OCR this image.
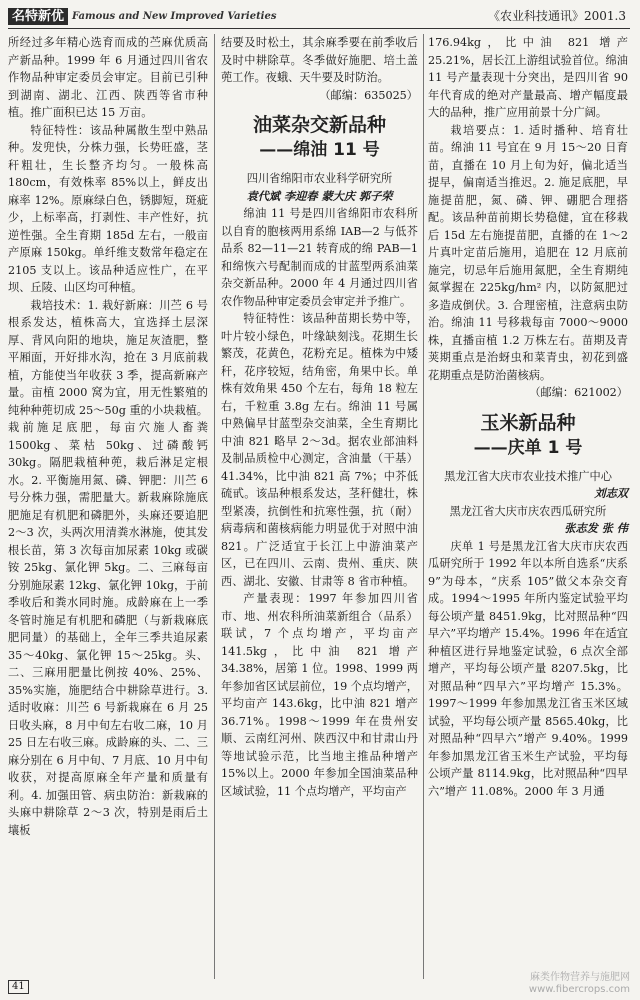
名特新优 Famous and New Improved Varieties	《农业科技通讯》2001.3

所经过多年精心选育而成的苎麻优质高产新品种。1999 年 6 月通过四川省农作物品种审定委员会审定。目前已引种到湖南、湖北、江西、陕西等省市种植。推广面积已达 15 万亩。

特征特性：该品种属散生型中熟品种。发兜快，分株力强，长势旺盛，茎秆粗壮，生长整齐均匀。一般株高 180cm，有效株率 85%以上，鲜皮出麻率 12%。原麻绿白色，锈脚短，斑疵少，上标率高，打剥性、丰产性好，抗逆性强。全生育期 185d 左右，一般亩产原麻 150kg。单纤维支数常年稳定在 2105 支以上。该品种适应性广，在平坝、丘陵、山区均可种植。

栽培技术：1. 栽好新麻：川苎 6 号根系发达，植株高大，宜选择土层深厚、背风向阳的地块，施足灰渣肥，整平厢面，开好排水沟，抢在 3 月底前栽植，方能使当年收获 3 季，提高新麻产量。亩植 2000 窝为宜，用无性繁殖的纯种种蔸切成 25～50g 重的小块栽植。栽前施足底肥，每亩穴施人畜粪 1500kg、菜枯 50kg、过磷酸钙 30kg。隔肥栽植种蔸，栽后淋足定根水。2. 平衡施用氮、磷、钾肥：川苎 6 号分株力强，需肥量大。新栽麻除施底肥施足有机肥和磷肥外，头麻还要追肥 2～3 次，头两次用清粪水淋施，使其发根长苗，第 3 次每亩加尿素 10kg 或碳铵 25kg、氯化钾 5kg。二、三麻每亩分别施尿素 12kg、氯化钾 10kg，于前季收后和粪水同时施。成龄麻在上一季冬管时施足有机肥和磷肥（与新栽麻底肥同量）的基础上，全年三季共追尿素 35～40kg、氯化钾 15～25kg。头、二、三麻用肥量比例按 40%、25%、35%实施，施肥结合中耕除草进行。3. 适时收麻：川苎 6 号新栽麻在 6 月 25 日收头麻，8 月中旬左右收二麻，10 月 25 日左右收三麻。成龄麻的头、二、三麻分别在 6 月中旬、7 月底、10 月中旬收获，对提高原麻全年产量和质量有利。4. 加强田管、病虫防治：新栽麻的头麻中耕除草 2～3 次，特别是雨后土壤板

结要及时松土，其余麻季要在前季收后及时中耕除草。冬季做好施肥、培土盖蔸工作。夜蛾、天牛要及时防治。

（邮编：635025）

油菜杂交新品种

——绵油 11 号

四川省绵阳市农业科学研究所

袁代斌 李迎春 蒙大庆 郭子荣

绵油 11 号是四川省绵阳市农科所以自育的胞核两用系绵 IAB—2 与低芥品系 82—11—21 转育成的绵 PAB—1 和绵恢六号配制而成的甘蓝型两系油菜杂交新品种。2000 年 4 月通过四川省农作物品种审定委员会审定并予推广。

特征特性：该品种苗期长势中等，叶片较小绿色，叶缘缺刻浅。花期生长繁茂，花黄色，花粉充足。植株为中矮秆，花序较短，结角密，角果中长。单株有效角果 450 个左右，每角 18 粒左右，千粒重 3.8g 左右。绵油 11 号属中熟偏早甘蓝型杂交油菜，全生育期比中油 821 略早 2～3d。据农业部油料及制品质检中心测定，含油量（干基）41.34%，比中油 821 高 7%；中芥低硫甙。该品种根系发达，茎秆健壮，株型紧凑，抗倒性和抗寒性强，抗（耐）病毒病和菌核病能力明显优于对照中油 821。广泛适宜于长江上中游油菜产区，已在四川、云南、贵州、重庆、陕西、湖北、安徽、甘肃等 8 省市种植。

产量表现：1997 年参加四川省市、地、州农科所油菜新组合（品系）联试，7 个点均增产，平均亩产 141.5kg，比中油 821 增产 34.38%，居第 1 位。1998、1999 两年参加省区试层前位，19 个点均增产，平均亩产 143.6kg，比中油 821 增产 36.71%。1998～1999 年在贵州安顺、云南红河州、陕西汉中和甘肃山丹等地试验示范，比当地主推品种增产 15%以上。2000 年参加全国油菜品种区域试验，11 个点均增产，平均亩产

176.94kg，比中油 821 增产 25.21%，居长江上游组试验首位。绵油 11 号产量表现十分突出，是四川省 90 年代育成的绝对产量最高、增产幅度最大的品种，推广应用前景十分广阔。

栽培要点：1. 适时播种、培育壮苗。绵油 11 号宜在 9 月 15～20 日育苗，直播在 10 月上旬为好，偏北适当提早，偏南适当推迟。2. 施足底肥，早施提苗肥，氮、磷、钾、硼肥合理搭配。该品种苗前期长势稳健，宜在移栽后 15d 左右施提苗肥，直播的在 1～2 片真叶定苗后施用，追肥在 12 月底前施完，切忌年后施用氮肥，全生育期纯氮掌握在 225kg/hm² 内，以防氮肥过多造成倒伏。3. 合理密植，注意病虫防治。绵油 11 号移栽每亩 7000～9000 株，直播亩植 1.2 万株左右。苗期及青荚期重点是治蚜虫和菜青虫，初花到盛花期重点是防治菌核病。

（邮编：621002）

玉米新品种

——庆单 1 号

黑龙江省大庆市农业技术推广中心

刘志双

黑龙江省大庆市庆农西瓜研究所

张志发 张 伟

庆单 1 号是黑龙江省大庆市庆农西瓜研究所于 1992 年以本所自选系“庆系 9”为母本，“庆系 105”做父本杂交育成。1994～1995 年所内鉴定试验平均每公顷产量 8451.9kg，比对照品种“四早六”平均增产 15.4%。1996 年在适宜种植区进行异地鉴定试验，6 点次全部增产，平均每公顷产量 8207.5kg，比对照品种“四早六”平均增产 15.3%。1997～1999 年参加黑龙江省玉米区域试验，平均每公顷产量 8565.40kg，比对照品种“四早六”增产 9.40%。1999 年参加黑龙江省玉米生产试验，平均每公顷产量 8114.9kg，比对照品种“四早六”增产 11.08%。2000 年 3 月通

41
麻类作物营养与施肥网
www.fibercrops.com
